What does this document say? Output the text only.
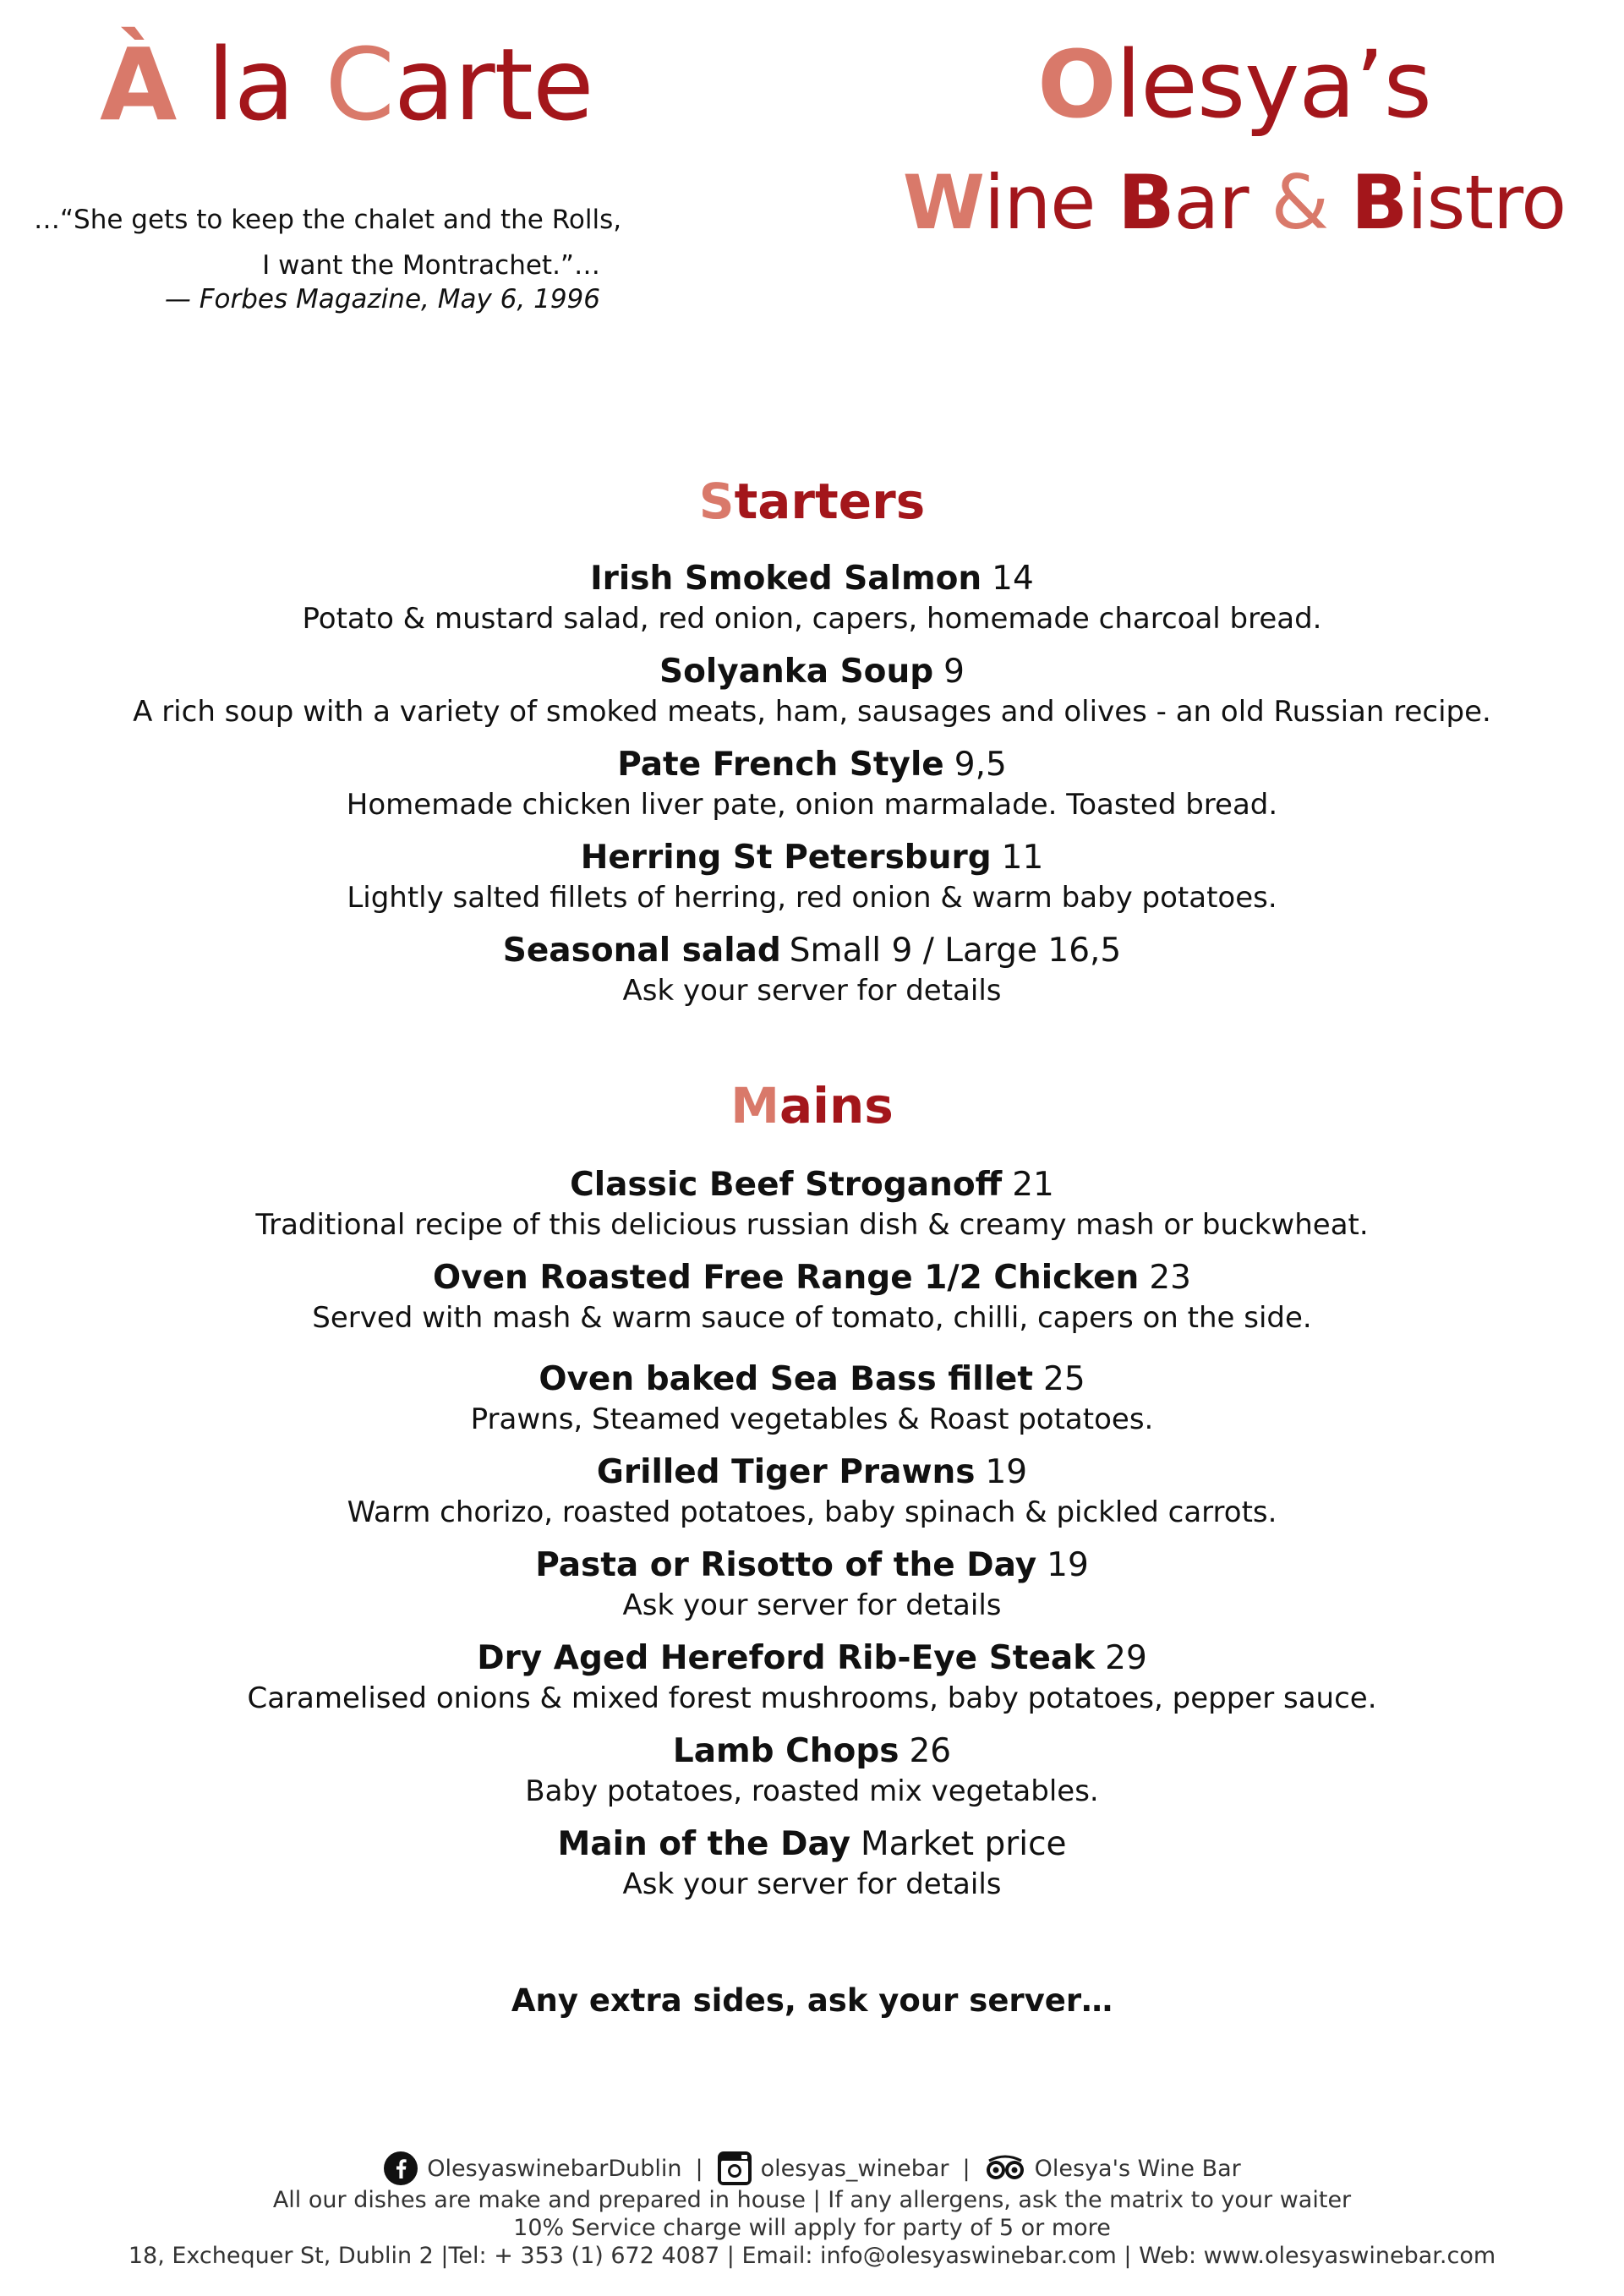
À la Carte	Olesya’s
Wine Bar & Bistro
…“She gets to keep the chalet and the Rolls,
I want the Montrachet.”…
— Forbes Magazine, May 6, 1996
Starters
Irish Smoked Salmon 14
Potato & mustard salad, red onion, capers, homemade charcoal bread.
Solyanka Soup 9
A rich soup with a variety of smoked meats, ham, sausages and olives - an old Russian recipe.
Pate French Style 9,5
Homemade chicken liver pate, onion marmalade. Toasted bread.
Herring St Petersburg 11
Lightly salted fillets of herring, red onion & warm baby potatoes.
Seasonal salad Small 9 / Large 16,5
Ask your server for details
Mains
Classic Beef Stroganoff 21
Traditional recipe of this delicious russian dish & creamy mash or buckwheat.
Oven Roasted Free Range 1/2 Chicken 23
Served with mash & warm sauce of tomato, chilli, capers on the side.
Oven baked Sea Bass fillet 25
Prawns, Steamed vegetables & Roast potatoes.
Grilled Tiger Prawns 19
Warm chorizo, roasted potatoes, baby spinach & pickled carrots.
Pasta or Risotto of the Day 19
Ask your server for details
Dry Aged Hereford Rib-Eye Steak 29
Caramelised onions & mixed forest mushrooms, baby potatoes, pepper sauce.
Lamb Chops 26
Baby potatoes, roasted mix vegetables.
Main of the Day Market price
Ask your server for details
Any extra sides, ask your server…
OlesyaswinebarDublin |	olesyas_winebar |	Olesya's Wine Bar
All our dishes are make and prepared in house | If any allergens, ask the matrix to your waiter
10% Service charge will apply for party of 5 or more
18, Exchequer St, Dublin 2 |Tel: + 353 (1) 672 4087 | Email: info@olesyaswinebar.com | Web: www.olesyaswinebar.com
